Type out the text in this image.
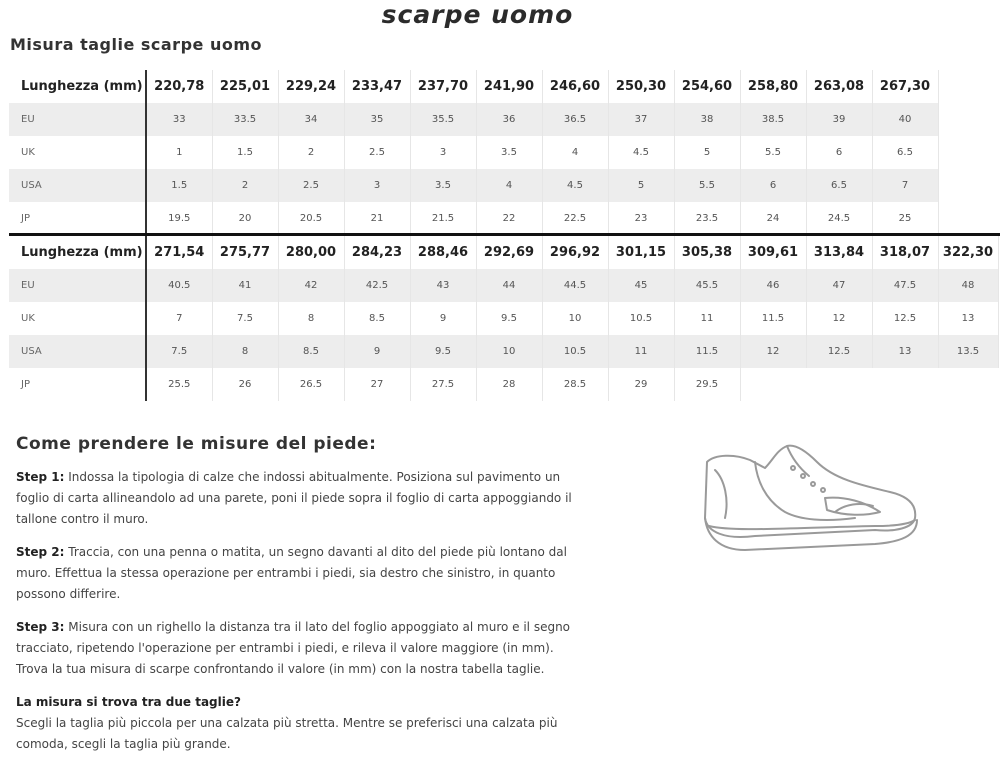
scarpe uomo
Misura taglie scarpe uomo
Lunghezza (mm)	220,78	225,01	229,24	233,47	237,70	241,90	246,60	250,30	254,60	258,80	263,08	267,30
EU	33	33.5	34	35	35.5	36	36.5	37	38	38.5	39	40
UK	1	1.5	2	2.5	3	3.5	4	4.5	5	5.5	6	6.5
USA	1.5	2	2.5	3	3.5	4	4.5	5	5.5	6	6.5	7
JP	19.5	20	20.5	21	21.5	22	22.5	23	23.5	24	24.5	25
Lunghezza (mm)	271,54	275,77	280,00	284,23	288,46	292,69	296,92	301,15	305,38	309,61	313,84	318,07	322,30
EU	40.5	41	42	42.5	43	44	44.5	45	45.5	46	47	47.5	48
UK	7	7.5	8	8.5	9	9.5	10	10.5	11	11.5	12	12.5	13
USA	7.5	8	8.5	9	9.5	10	10.5	11	11.5	12	12.5	13	13.5
JP	25.5	26	26.5	27	27.5	28	28.5	29	29.5				
Come prendere le misure del piede:

Step 1: Indossa la tipologia di calze che indossi abitualmente. Posiziona sul pavimento un foglio di carta allineandolo ad una parete, poni il piede sopra il foglio di carta appoggiando il tallone contro il muro.

Step 2: Traccia, con una penna o matita, un segno davanti al dito del piede più lontano dal muro. Effettua la stessa operazione per entrambi i piedi, sia destro che sinistro, in quanto possono differire.

Step 3: Misura con un righello la distanza tra il lato del foglio appoggiato al muro e il segno tracciato, ripetendo l'operazione per entrambi i piedi, e rileva il valore maggiore (in mm). Trova la tua misura di scarpe confrontando il valore (in mm) con la nostra tabella taglie.

La misura si trova tra due taglie?
Scegli la taglia più piccola per una calzata più stretta. Mentre se preferisci una calzata più comoda, scegli la taglia più grande.
